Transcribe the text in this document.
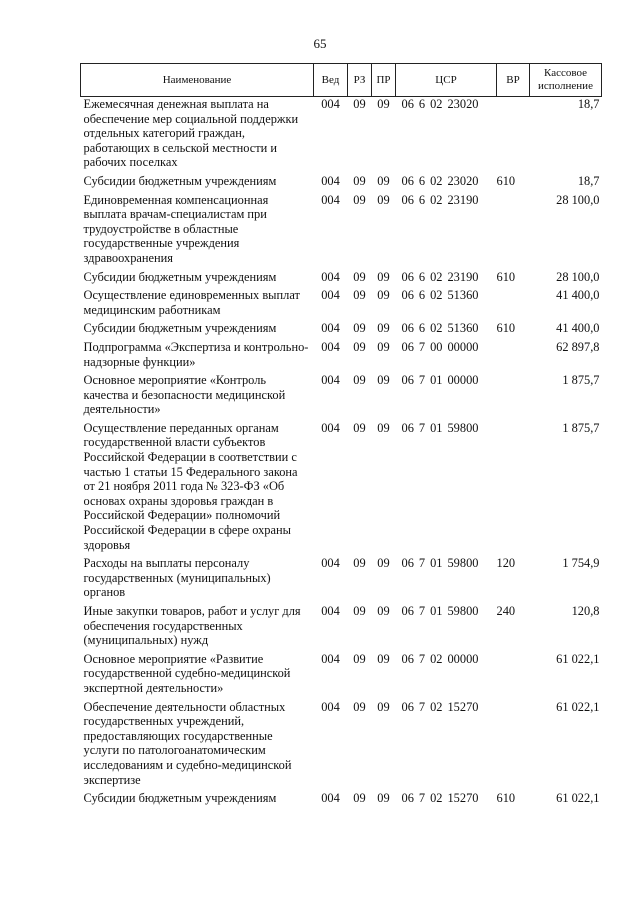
65
Наименование	Вед	РЗ	ПР	ЦСР	ВР	Кассовое исполнение
Ежемесячная денежная выплата на обеспечение мер социальной поддержки отдельных категорий граждан, работающих в сельской местности и рабочих поселках	004	09	09	06 6 02 23020		18,7
Субсидии бюджетным учреждениям	004	09	09	06 6 02 23020	610	18,7
Единовременная компенсационная выплата врачам-специалистам при трудоустройстве в областные государственные учреждения здравоохранения	004	09	09	06 6 02 23190		28 100,0
Субсидии бюджетным учреждениям	004	09	09	06 6 02 23190	610	28 100,0
Осуществление единовременных выплат медицинским работникам	004	09	09	06 6 02 51360		41 400,0
Субсидии бюджетным учреждениям	004	09	09	06 6 02 51360	610	41 400,0
Подпрограмма «Экспертиза и контрольно-надзорные функции»	004	09	09	06 7 00 00000		62 897,8
Основное мероприятие «Контроль качества и безопасности медицинской деятельности»	004	09	09	06 7 01 00000		1 875,7
Осуществление переданных органам государственной власти субъектов Российской Федерации в соответствии с частью 1 статьи 15 Федерального закона от 21 ноября 2011 года № 323-ФЗ «Об основах охраны здоровья граждан в Российской Федерации» полномочий Российской Федерации в сфере охраны здоровья	004	09	09	06 7 01 59800		1 875,7
Расходы на выплаты персоналу государственных (муниципальных) органов	004	09	09	06 7 01 59800	120	1 754,9
Иные закупки товаров, работ и услуг для обеспечения государственных (муниципальных) нужд	004	09	09	06 7 01 59800	240	120,8
Основное мероприятие «Развитие государственной судебно-медицинской экспертной деятельности»	004	09	09	06 7 02 00000		61 022,1
Обеспечение деятельности областных государственных учреждений, предоставляющих государственные услуги по патологоанатомическим исследованиям и судебно-медицинской экспертизе	004	09	09	06 7 02 15270		61 022,1
Субсидии бюджетным учреждениям	004	09	09	06 7 02 15270	610	61 022,1
